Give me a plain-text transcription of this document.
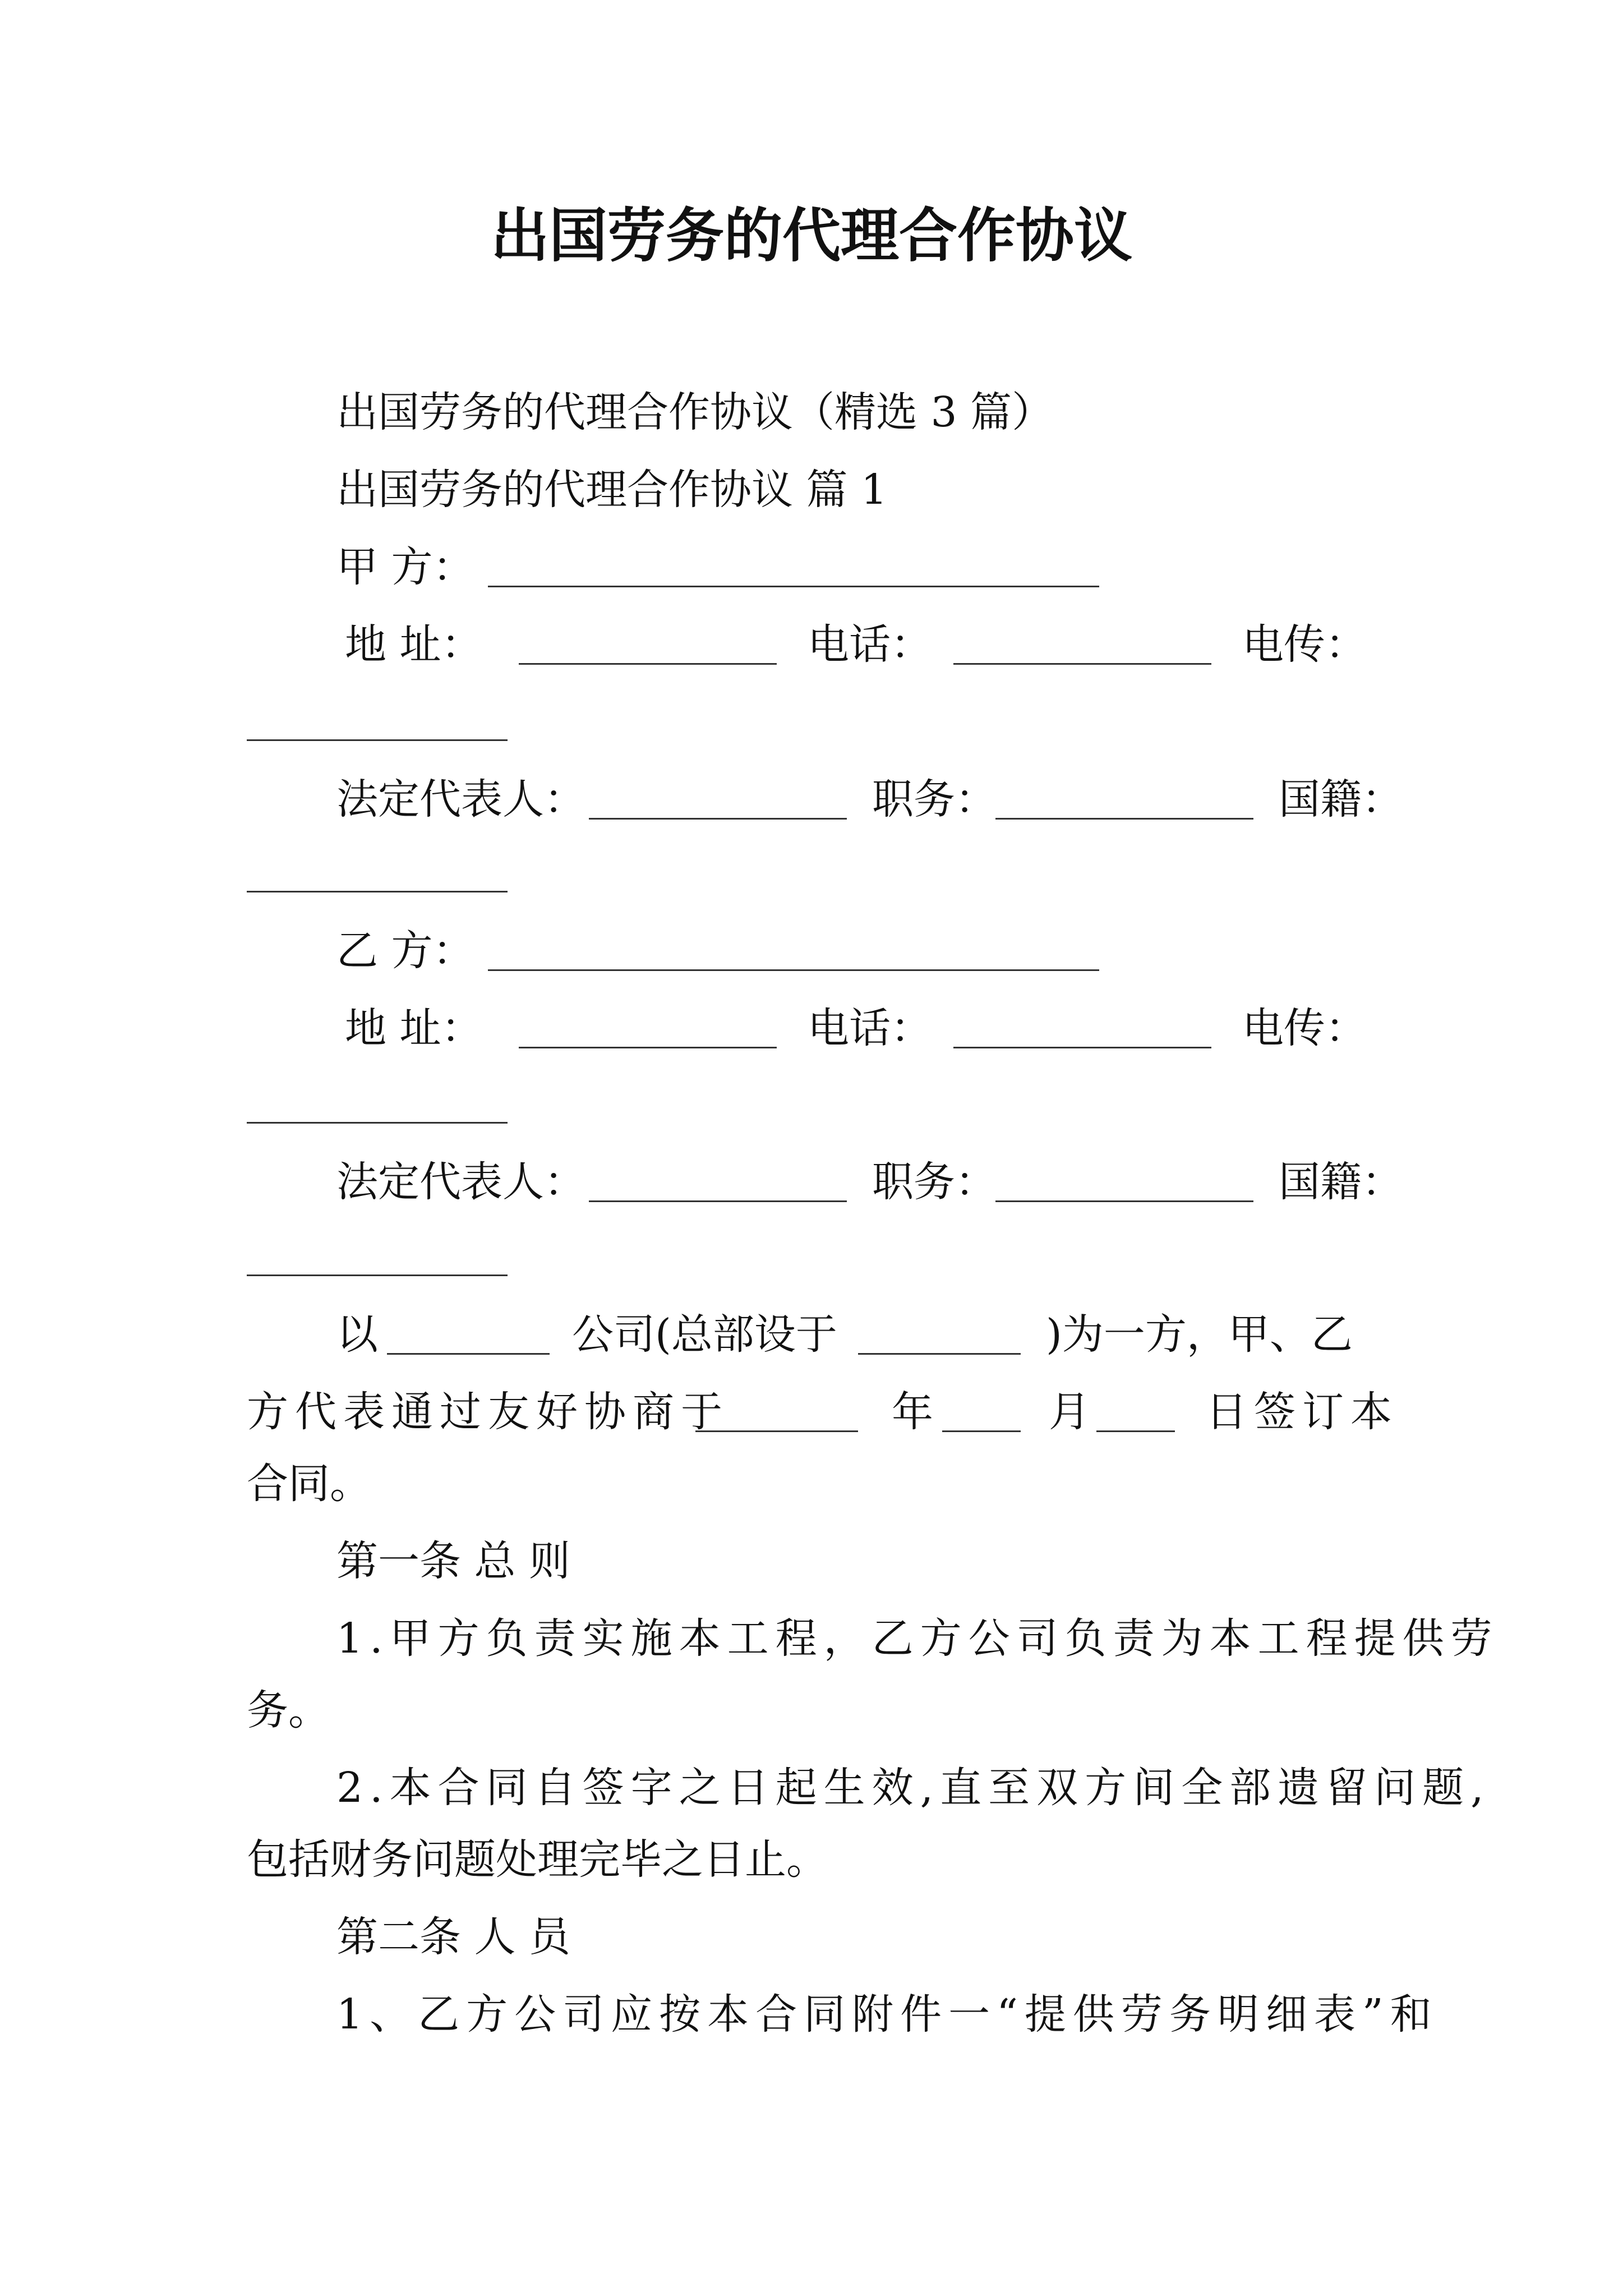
出国劳务的代理合作协议
出国劳务的代理合作协议（精选 3 篇）
出国劳务的代理合作协议 篇 1
甲 方：
地 址：	电话：	电传：
法定代表人：	职务：	国籍：
乙 方：
地 址：	电话：	电传：
法定代表人：	职务：	国籍：
以	公司(总部设于	)为一方，甲、乙
方代表通过友好协商于	年	月	日签订本
合同。
第一条 总 则
1.甲方负责实施本工程，乙方公司负责为本工程提供劳
务。
2.本合同自签字之日起生效,直至双方间全部遗留问题,
包括财务问题处理完毕之日止。
第二条 人 员
1、乙方公司应按本合同附件一“提供劳务明细表”和
